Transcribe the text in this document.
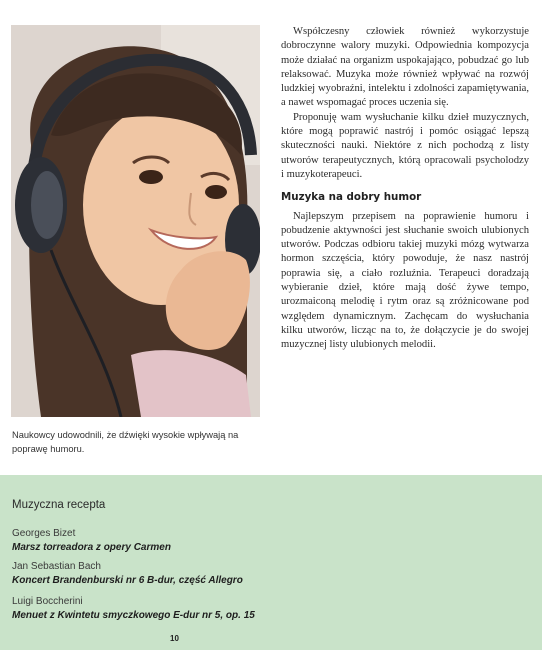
Naukowcy udowodnili, że dźwięki wysokie wpływają na poprawę humoru.

Współczesny człowiek również wykorzystuje dobroczynne walory muzyki. Odpowiednia kompozycja może działać na organizm uspokajająco, pobudzać go lub relaksować. Muzyka może również wpływać na rozwój ludzkiej wyobraźni, intelektu i zdolności zapamiętywania, a nawet wspomagać proces uczenia się.

Proponuję wam wysłuchanie kilku dzieł muzycznych, które mogą poprawić nastrój i pomóc osiągać lepszą skuteczności nauki. Niektóre z nich pochodzą z listy utworów terapeutycznych, którą opracowali psycholodzy i muzykoterapeuci.

Muzyka na dobry humor

Najlepszym przepisem na poprawienie humoru i pobudzenie aktywności jest słuchanie swoich ulubionych utworów. Podczas odbioru takiej muzyki mózg wytwarza hormon szczęścia, który powoduje, że nasz nastrój poprawia się, a ciało rozluźnia. Terapeuci doradzają wybieranie dzieł, które mają dość żywe tempo, urozmaiconą melodię i rytm oraz są zróżnicowane pod względem dynamicznym. Zachęcam do wysłuchania kilku utworów, licząc na to, że dołączycie je do swojej muzycznej listy ulubionych melodii.

Muzyczna recepta
Georges Bizet
Marsz torreadora z opery Carmen
Jan Sebastian Bach
Koncert Brandenburski nr 6 B-dur, część Allegro
Luigi Boccherini
Menuet z Kwintetu smyczkowego E-dur nr 5, op. 15
10
